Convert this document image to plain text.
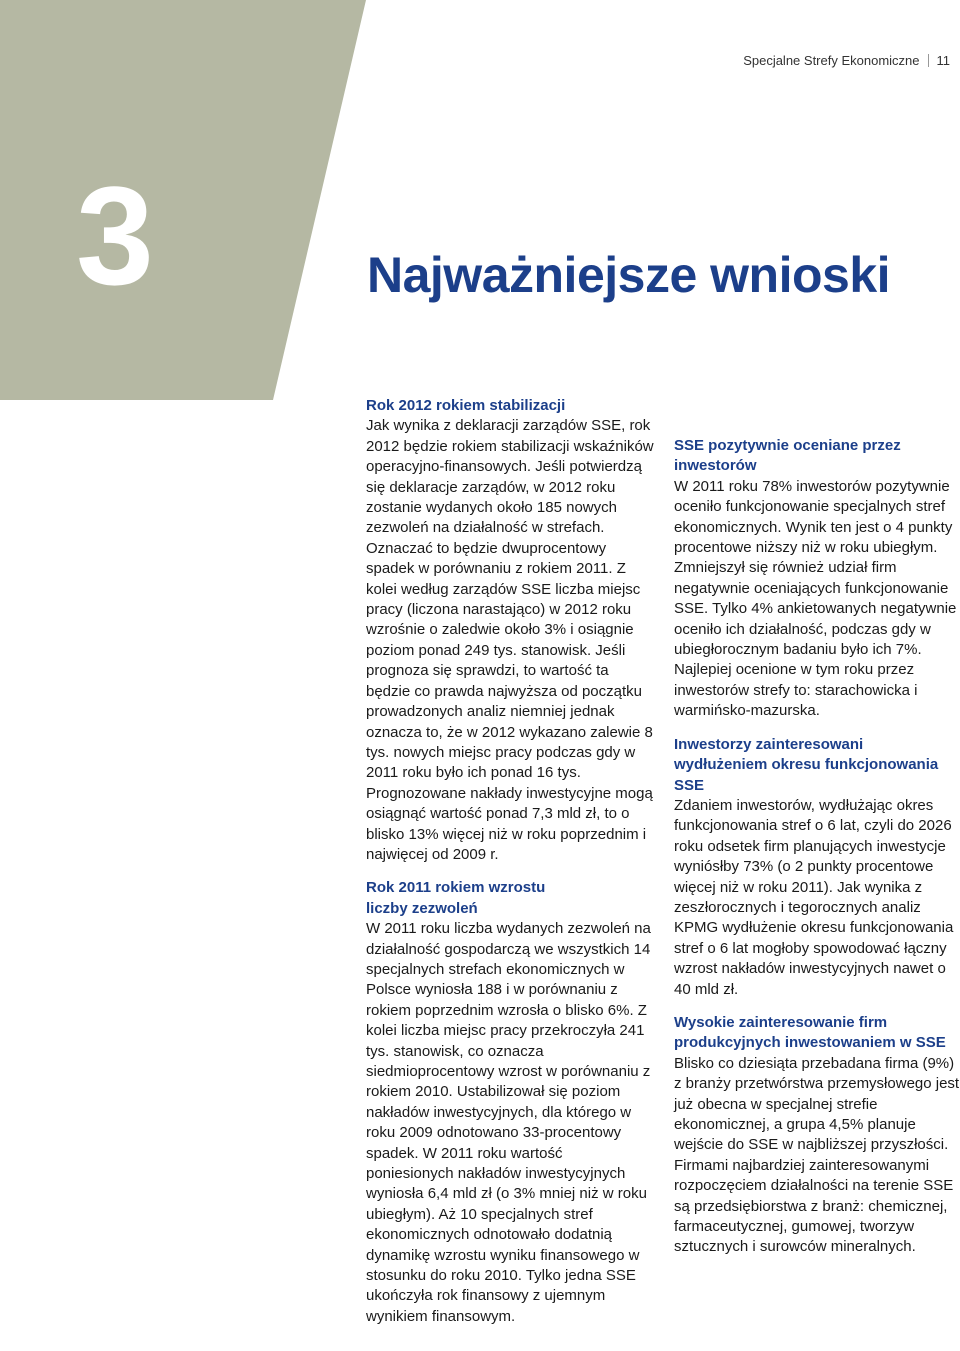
Specjalne Strefy Ekonomiczne 11
3	Najważniejsze wnioski
Rok 2012 rokiem stabilizacji

Jak wynika z deklaracji zarządów SSE, rok 2012 będzie rokiem stabilizacji wskaźników operacyjno-finansowych. Jeśli potwierdzą się deklaracje zarządów, w 2012 roku zostanie wydanych około 185 nowych zezwoleń na działalność w strefach. Oznaczać to będzie dwuprocentowy spadek w porównaniu z rokiem 2011. Z kolei według zarządów SSE liczba miejsc pracy (liczona narastająco) w 2012 roku wzrośnie o zaledwie około 3% i osiągnie poziom ponad 249 tys. stanowisk. Jeśli prognoza się sprawdzi, to wartość ta będzie co prawda najwyższa od początku prowadzonych analiz niemniej jednak oznacza to, że w 2012 wykazano zalewie 8 tys. nowych miejsc pracy podczas gdy w 2011 roku było ich ponad 16 tys. Prognozowane nakłady inwestycyjne mogą osiągnąć wartość ponad 7,3 mld zł, to o blisko 13% więcej niż w roku poprzednim i najwięcej od 2009 r.

Rok 2011 rokiem wzrostu liczby zezwoleń

W 2011 roku liczba wydanych zezwoleń na działalność gospodarczą we wszystkich 14 specjalnych strefach ekonomicznych w Polsce wyniosła 188 i w porównaniu z rokiem poprzednim wzrosła o blisko 6%. Z kolei liczba miejsc pracy przekroczyła 241 tys. stanowisk, co oznacza siedmioprocentowy wzrost w porównaniu z rokiem 2010. Ustabilizował się poziom nakładów inwestycyjnych, dla którego w roku 2009 odnotowano 33-procentowy spadek. W 2011 roku wartość poniesionych nakładów inwestycyjnych wyniosła 6,4 mld zł (o 3% mniej niż w roku ubiegłym). Aż 10 specjalnych stref ekonomicznych odnotowało dodatnią dynamikę wzrostu wyniku finansowego w stosunku do roku 2010. Tylko jedna SSE ukończyła rok finansowy z ujemnym wynikiem finansowym.

SSE pozytywnie oceniane przez inwestorów

W 2011 roku 78% inwestorów pozytywnie oceniło funkcjonowanie specjalnych stref ekonomicznych. Wynik ten jest o 4 punkty procentowe niższy niż w roku ubiegłym. Zmniejszył się również udział firm negatywnie oceniających funkcjonowanie SSE. Tylko 4% ankietowanych negatywnie oceniło ich działalność, podczas gdy w ubiegłorocznym badaniu było ich 7%. Najlepiej ocenione w tym roku przez inwestorów strefy to: starachowicka i warmińsko-mazurska.

Inwestorzy zainteresowani wydłużeniem okresu funkcjonowania SSE

Zdaniem inwestorów, wydłużając okres funkcjonowania stref o 6 lat, czyli do 2026 roku odsetek firm planujących inwestycje wyniósłby 73% (o 2 punkty procentowe więcej niż w roku 2011). Jak wynika z zeszłorocznych i tegorocznych analiz KPMG wydłużenie okresu funkcjonowania stref o 6 lat mogłoby spowodować łączny wzrost nakładów inwestycyjnych nawet o 40 mld zł.

Wysokie zainteresowanie firm produkcyjnych inwestowaniem w SSE

Blisko co dziesiąta przebadana firma (9%) z branży przetwórstwa przemysłowego jest już obecna w specjalnej strefie ekonomicznej, a grupa 4,5% planuje wejście do SSE w najbliższej przyszłości. Firmami najbardziej zainteresowanymi rozpoczęciem działalności na terenie SSE są przedsiębiorstwa z branż: chemicznej, farmaceutycznej, gumowej, tworzyw sztucznych i surowców mineralnych.
